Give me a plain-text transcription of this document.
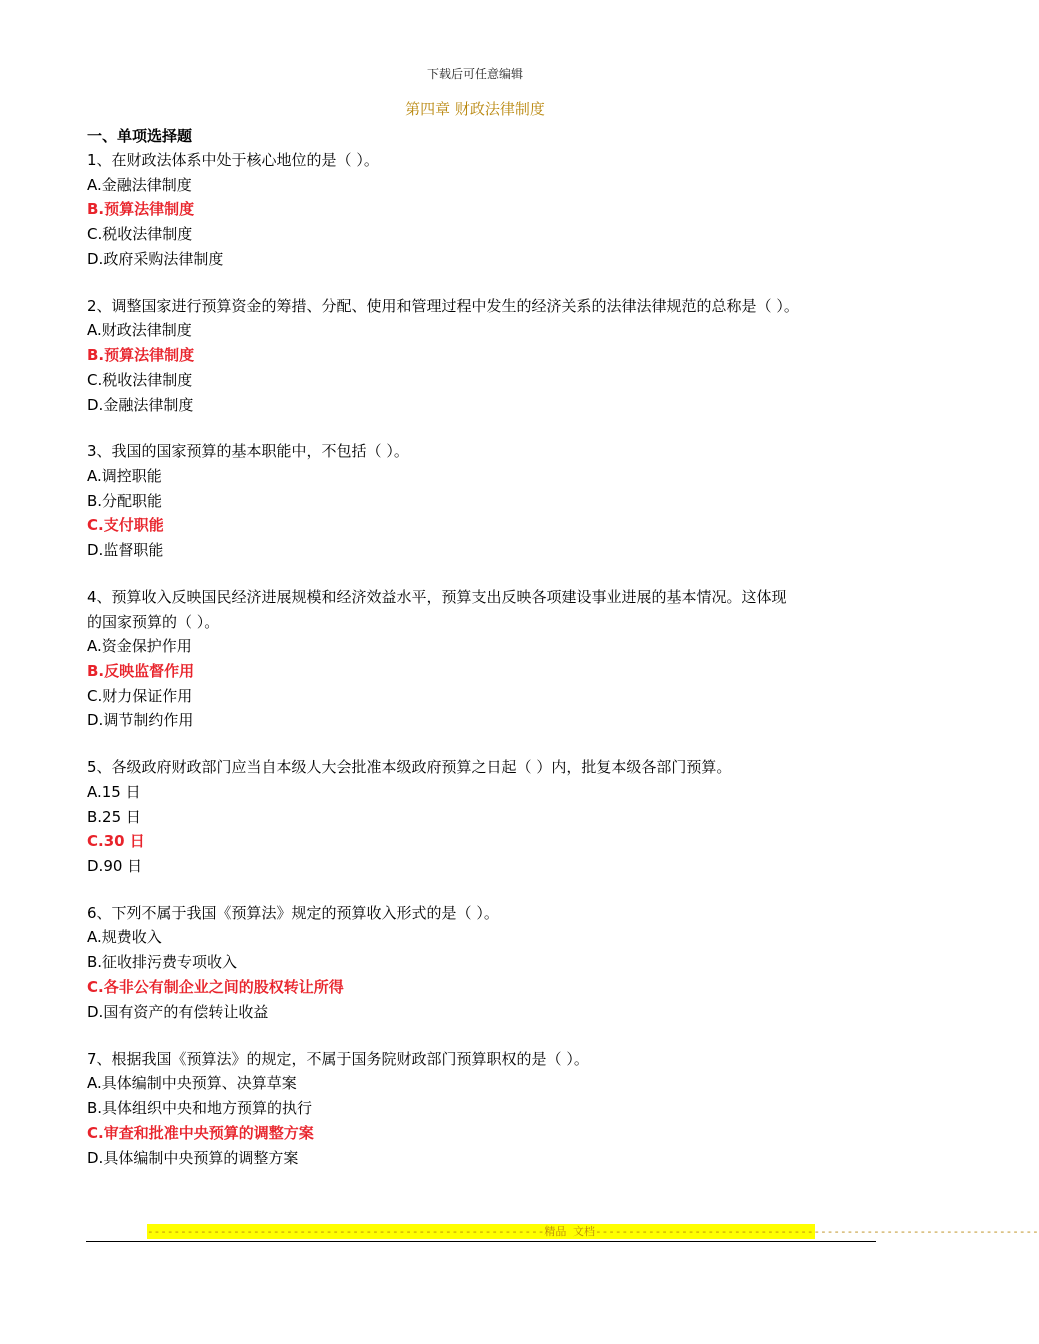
下载后可任意编辑
第四章 财政法律制度
一、单项选择题
1、在财政法体系中处于核心地位的是（ ）。
A.金融法律制度
B.预算法律制度
C.税收法律制度
D.政府采购法律制度
2、调整国家进行预算资金的筹措、分配、使用和管理过程中发生的经济关系的法律法律规范的总称是（ ）。
A.财政法律制度
B.预算法律制度
C.税收法律制度
D.金融法律制度
3、我国的国家预算的基本职能中，不包括（ ）。
A.调控职能
B.分配职能
C.支付职能
D.监督职能
4、预算收入反映国民经济进展规模和经济效益水平，预算支出反映各项建设事业进展的基本情况。这体现
的国家预算的（ ）。
A.资金保护作用
B.反映监督作用
C.财力保证作用
D.调节制约作用
5、各级政府财政部门应当自本级人大会批准本级政府预算之日起（ ）内，批复本级各部门预算。
A.15 日
B.25 日
C.30 日
D.90 日
6、下列不属于我国《预算法》规定的预算收入形式的是（ ）。
A.规费收入
B.征收排污费专项收入
C.各非公有制企业之间的股权转让所得
D.国有资产的有偿转让收益
7、根据我国《预算法》的规定，不属于国务院财政部门预算职权的是（ ）。
A.具体编制中央预算、决算草案
B.具体组织中央和地方预算的执行
C.审查和批准中央预算的调整方案
D.具体编制中央预算的调整方案
------------------------------------------------------------精品 文档-------------------------------------------------------------------
